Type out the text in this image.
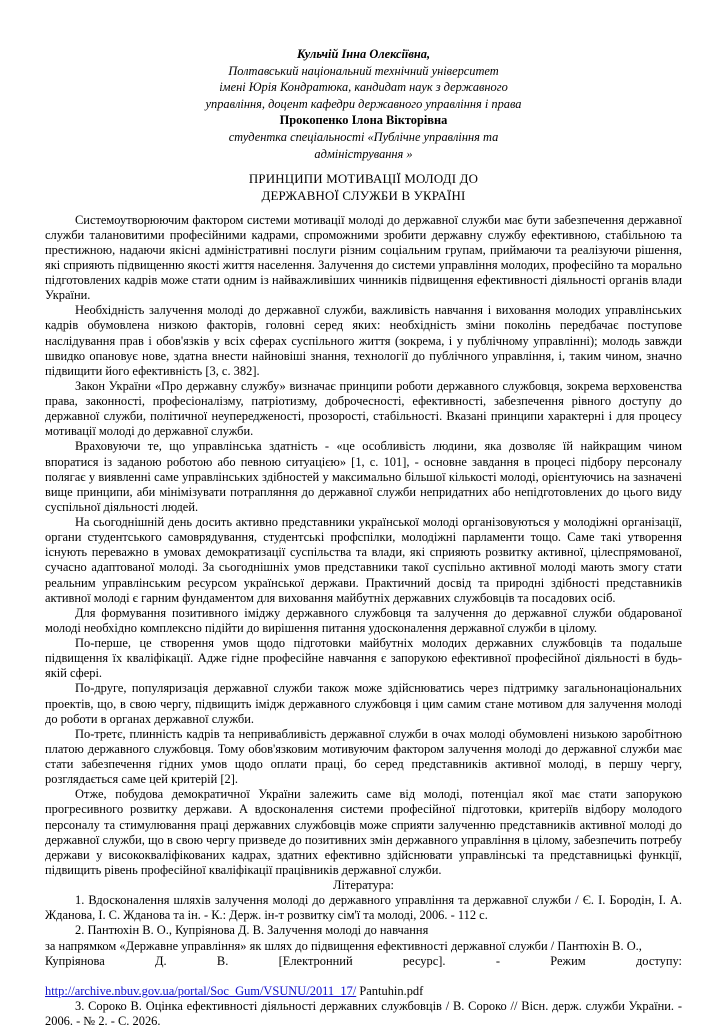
Кульчій Інна Олексіївна,
Полтавський національний технічний університет
імені Юрія Кондратюка, кандидат наук з державного
управління, доцент кафедри державного управління і права
Прокопенко Ілона Вікторівна
студентка спеціальності «Публічне управління та
адміністрування »
ПРИНЦИПИ МОТИВАЦІЇ МОЛОДІ ДО
ДЕРЖАВНОЇ СЛУЖБИ В УКРАЇНІ

Системоутворюючим фактором системи мотивації молоді до державної служби має бути забезпечення державної служби талановитими професійними кадрами, спроможними зробити державну службу ефективною, стабільною та престижною, надаючи якісні адміністративні послуги різним соціальним групам, приймаючи та реалізуючи рішення, які сприяють підвищенню якості життя населення. Залучення до системи управління молодих, професійно та морально підготовлених кадрів може стати одним із найважливіших чинників підвищення ефективності діяльності органів влади України.

Необхідність залучення молоді до державної служби, важливість навчання і виховання молодих управлінських кадрів обумовлена низкою факторів, головні серед яких: необхідність зміни поколінь передбачає поступове наслідування прав і обов'язків у всіх сферах суспільного життя (зокрема, і у публічному управлінні); молодь завжди швидко опановує нове, здатна внести найновіші знання, технології до публічного управління, і, таким чином, значно підвищити його ефективність [3, с. 382].

Закон України «Про державну службу» визначає принципи роботи державного службовця, зокрема верховенства права, законності, професіоналізму, патріотизму, доброчесності, ефективності, забезпечення рівного доступу до державної служби, політичної неупередженості, прозорості, стабільності. Вказані принципи характерні і для процесу мотивації молоді до державної служби.

Враховуючи те, що управлінська здатність - «це особливість людини, яка дозволяє їй найкращим чином впоратися із заданою роботою або певною ситуацією» [1, с. 101], - основне завдання в процесі підбору персоналу полягає у виявленні саме управлінських здібностей у максимально більшої кількості молоді, орієнтуючись на зазначені вище принципи, аби мінімізувати потрапляння до державної служби непридатних або непідготовлених до цього виду суспільної діяльності людей.

На сьогоднішній день досить активно представники української молоді організовуються у молодіжні організації, органи студентського самоврядування, студентські профспілки, молодіжні парламенти тощо. Саме такі утворення існують переважно в умовах демократизації суспільства та влади, які сприяють розвитку активної, цілеспрямованої, сучасно адаптованої молоді. За сьогоднішніх умов представники такої суспільно активної молоді мають змогу стати реальним управлінським ресурсом української держави. Практичний досвід та природні здібності представників активної молоді є гарним фундаментом для виховання майбутніх державних службовців та посадових осіб.

Для формування позитивного іміджу державного службовця та залучення до державної служби обдарованої молоді необхідно комплексно підійти до вирішення питання удосконалення державної служби в цілому.

По-перше, це створення умов щодо підготовки майбутніх молодих державних службовців та подальше підвищення їх кваліфікації. Адже гідне професійне навчання є запорукою ефективної професійної діяльності в будь-якій сфері.

По-друге, популяризація державної служби також може здійснюватись через підтримку загальнонаціональних проектів, що, в свою чергу, підвищить імідж державного службовця і цим самим стане мотивом для залучення молоді до роботи в органах державної служби.

По-третє, плинність кадрів та непривабливість державної служби в очах молоді обумовлені низькою заробітною платою державного службовця. Тому обов'язковим мотивуючим фактором залучення молоді до державної служби має стати забезпечення гідних умов щодо оплати праці, бо серед представників активної молоді, в першу чергу, розглядається саме цей критерій [2].

Отже, побудова демократичної України залежить саме від молоді, потенціал якої має стати запорукою прогресивного розвитку держави. А вдосконалення системи професійної підготовки, критеріїв відбору молодого персоналу та стимулювання праці державних службовців може сприяти залученню представників активної молоді до державної служби, що в свою чергу призведе до позитивних змін державного управління в цілому, забезпечить потребу держави у висококваліфікованих кадрах, здатних ефективно здійснювати управлінські та представницькі функції, підвищить рівень професійної кваліфікації працівників державної служби.

Література:

1. Вдосконалення шляхів залучення молоді до державного управління та державної служби / Є. І. Бородін, І. А. Жданова, І. С. Жданова та ін. - К.: Держ. ін-т розвитку сім'ї та молоді, 2006. - 112 с.

2. Пантюхін В. О., Купріянова Д. В. Залучення молоді до навчання

за напрямком «Державне управління» як шлях до підвищення ефективності державної служби / Пантюхін В. О.,

Купріянова Д. В. [Електронний	ресурс]. -	Режим	доступу:

http://archive.nbuv.gov.ua/portal/Soc_Gum/VSUNU/2011_17/ Pantuhin.pdf

3. Сороко В. Оцінка ефективності діяльності державних службовців / В. Сороко // Вісн. держ. служби України. - 2006. - № 2. - С. 2026.
